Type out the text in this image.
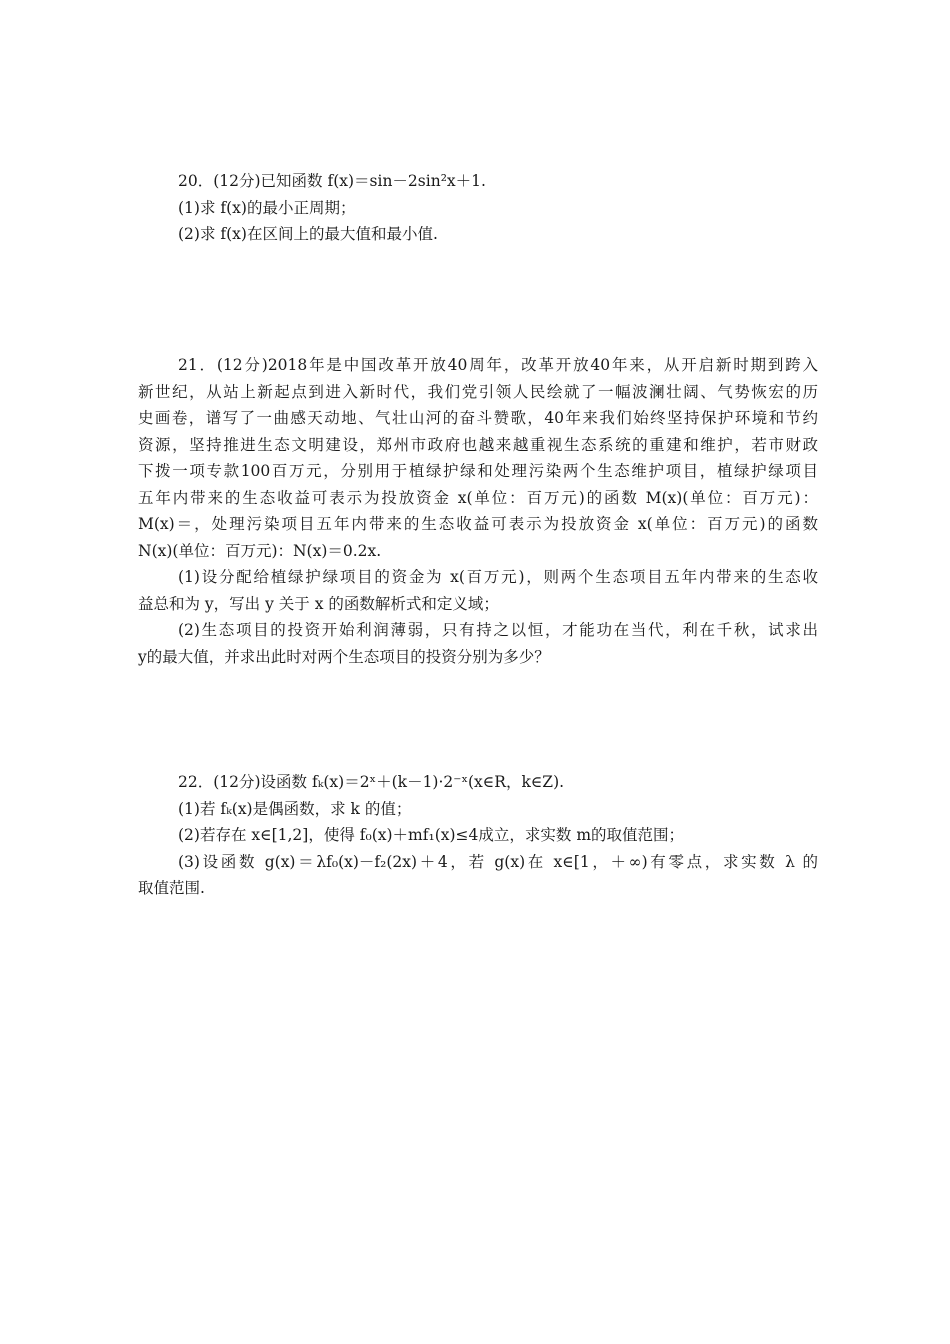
20．(12分)已知函数 f(x)＝sin－2sin²x＋1.
(1)求 f(x)的最小正周期；
(2)求 f(x)在区间上的最大值和最小值.
21．(12分)2018年是中国改革开放40周年，改革开放40年来，从开启新时期到跨入
新世纪，从站上新起点到进入新时代，我们党引领人民绘就了一幅波澜壮阔、气势恢宏的历
史画卷，谱写了一曲感天动地、气壮山河的奋斗赞歌，40年来我们始终坚持保护环境和节约
资源，坚持推进生态文明建设，郑州市政府也越来越重视生态系统的重建和维护，若市财政
下拨一项专款100百万元，分别用于植绿护绿和处理污染两个生态维护项目，植绿护绿项目
五年内带来的生态收益可表示为投放资金 x(单位：百万元)的函数 M(x)(单位：百万元)：
M(x)＝，处理污染项目五年内带来的生态收益可表示为投放资金 x(单位：百万元)的函数
N(x)(单位：百万元)：N(x)＝0.2x.
(1)设分配给植绿护绿项目的资金为 x(百万元)，则两个生态项目五年内带来的生态收
益总和为 y，写出 y 关于 x 的函数解析式和定义域；
(2)生态项目的投资开始利润薄弱，只有持之以恒，才能功在当代，利在千秋，试求出
y的最大值，并求出此时对两个生态项目的投资分别为多少？
22．(12分)设函数 fₖ(x)＝2ˣ＋(k－1)·2⁻ˣ(x∈R，k∈Z).
(1)若 fₖ(x)是偶函数，求 k 的值；
(2)若存在 x∈[1,2]，使得 f₀(x)＋mf₁(x)≤4成立，求实数 m的取值范围；
(3)设函数 g(x)＝λf₀(x)－f₂(2x)＋4，若 g(x)在 x∈[1，＋∞)有零点，求实数 λ 的
取值范围.
